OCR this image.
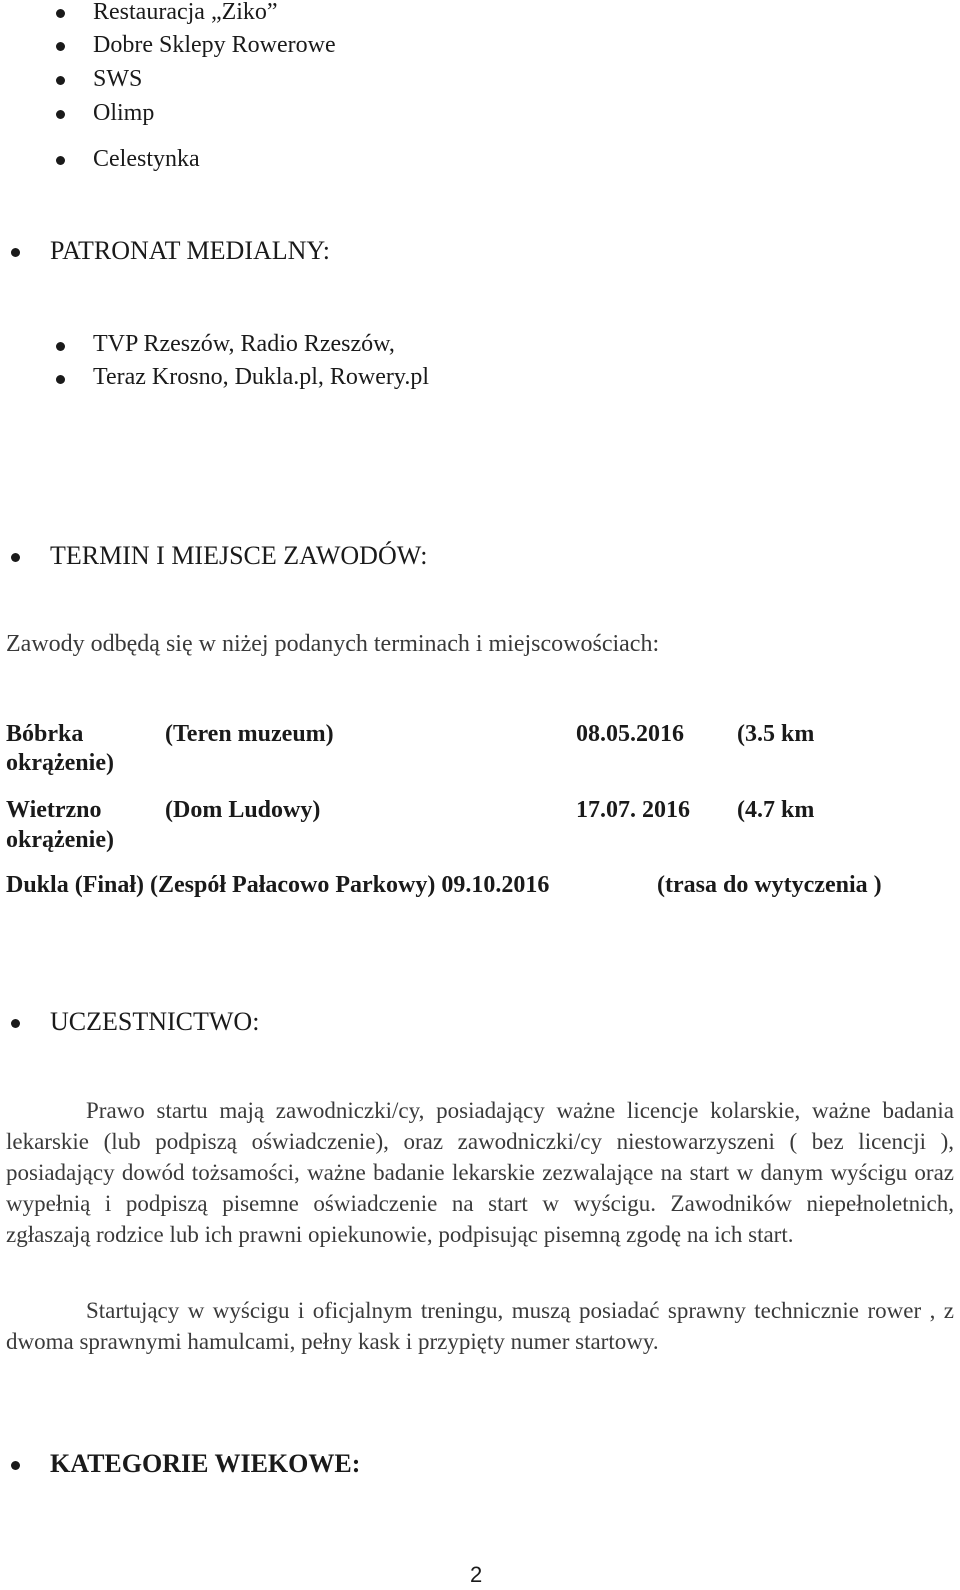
Restauracja „Ziko”
Dobre Sklepy Rowerowe
SWS
Olimp
Celestynka
PATRONAT MEDIALNY:
TVP Rzeszów, Radio Rzeszów,
Teraz Krosno, Dukla.pl, Rowery.pl
TERMIN I MIEJSCE ZAWODÓW:
Zawody odbędą się w niżej podanych terminach i miejscowościach:
Bóbrka	(Teren muzeum)	08.05.2016 (3.5 km
okrążenie)
Wietrzno	(Dom Ludowy)	17.07. 2016 (4.7 km
okrążenie)
Dukla (Finał) (Zespół Pałacowo Parkowy) 09.10.2016	(trasa do wytyczenia )
UCZESTNICTWO:
Prawo startu mają zawodniczki/cy, posiadający ważne licencje kolarskie, ważne badania lekarskie (lub podpiszą oświadczenie), oraz zawodniczki/cy niestowarzyszeni ( bez licencji ), posiadający dowód tożsamości, ważne badanie lekarskie zezwalające na start w danym wyścigu oraz wypełnią i podpiszą pisemne oświadczenie na start w wyścigu. Zawodników niepełnoletnich, zgłaszają rodzice lub ich prawni opiekunowie, podpisując pisemną zgodę na ich start.
Startujący w wyścigu i oficjalnym treningu, muszą posiadać sprawny technicznie rower , z dwoma sprawnymi hamulcami, pełny kask i przypięty numer startowy.
KATEGORIE WIEKOWE:
2
